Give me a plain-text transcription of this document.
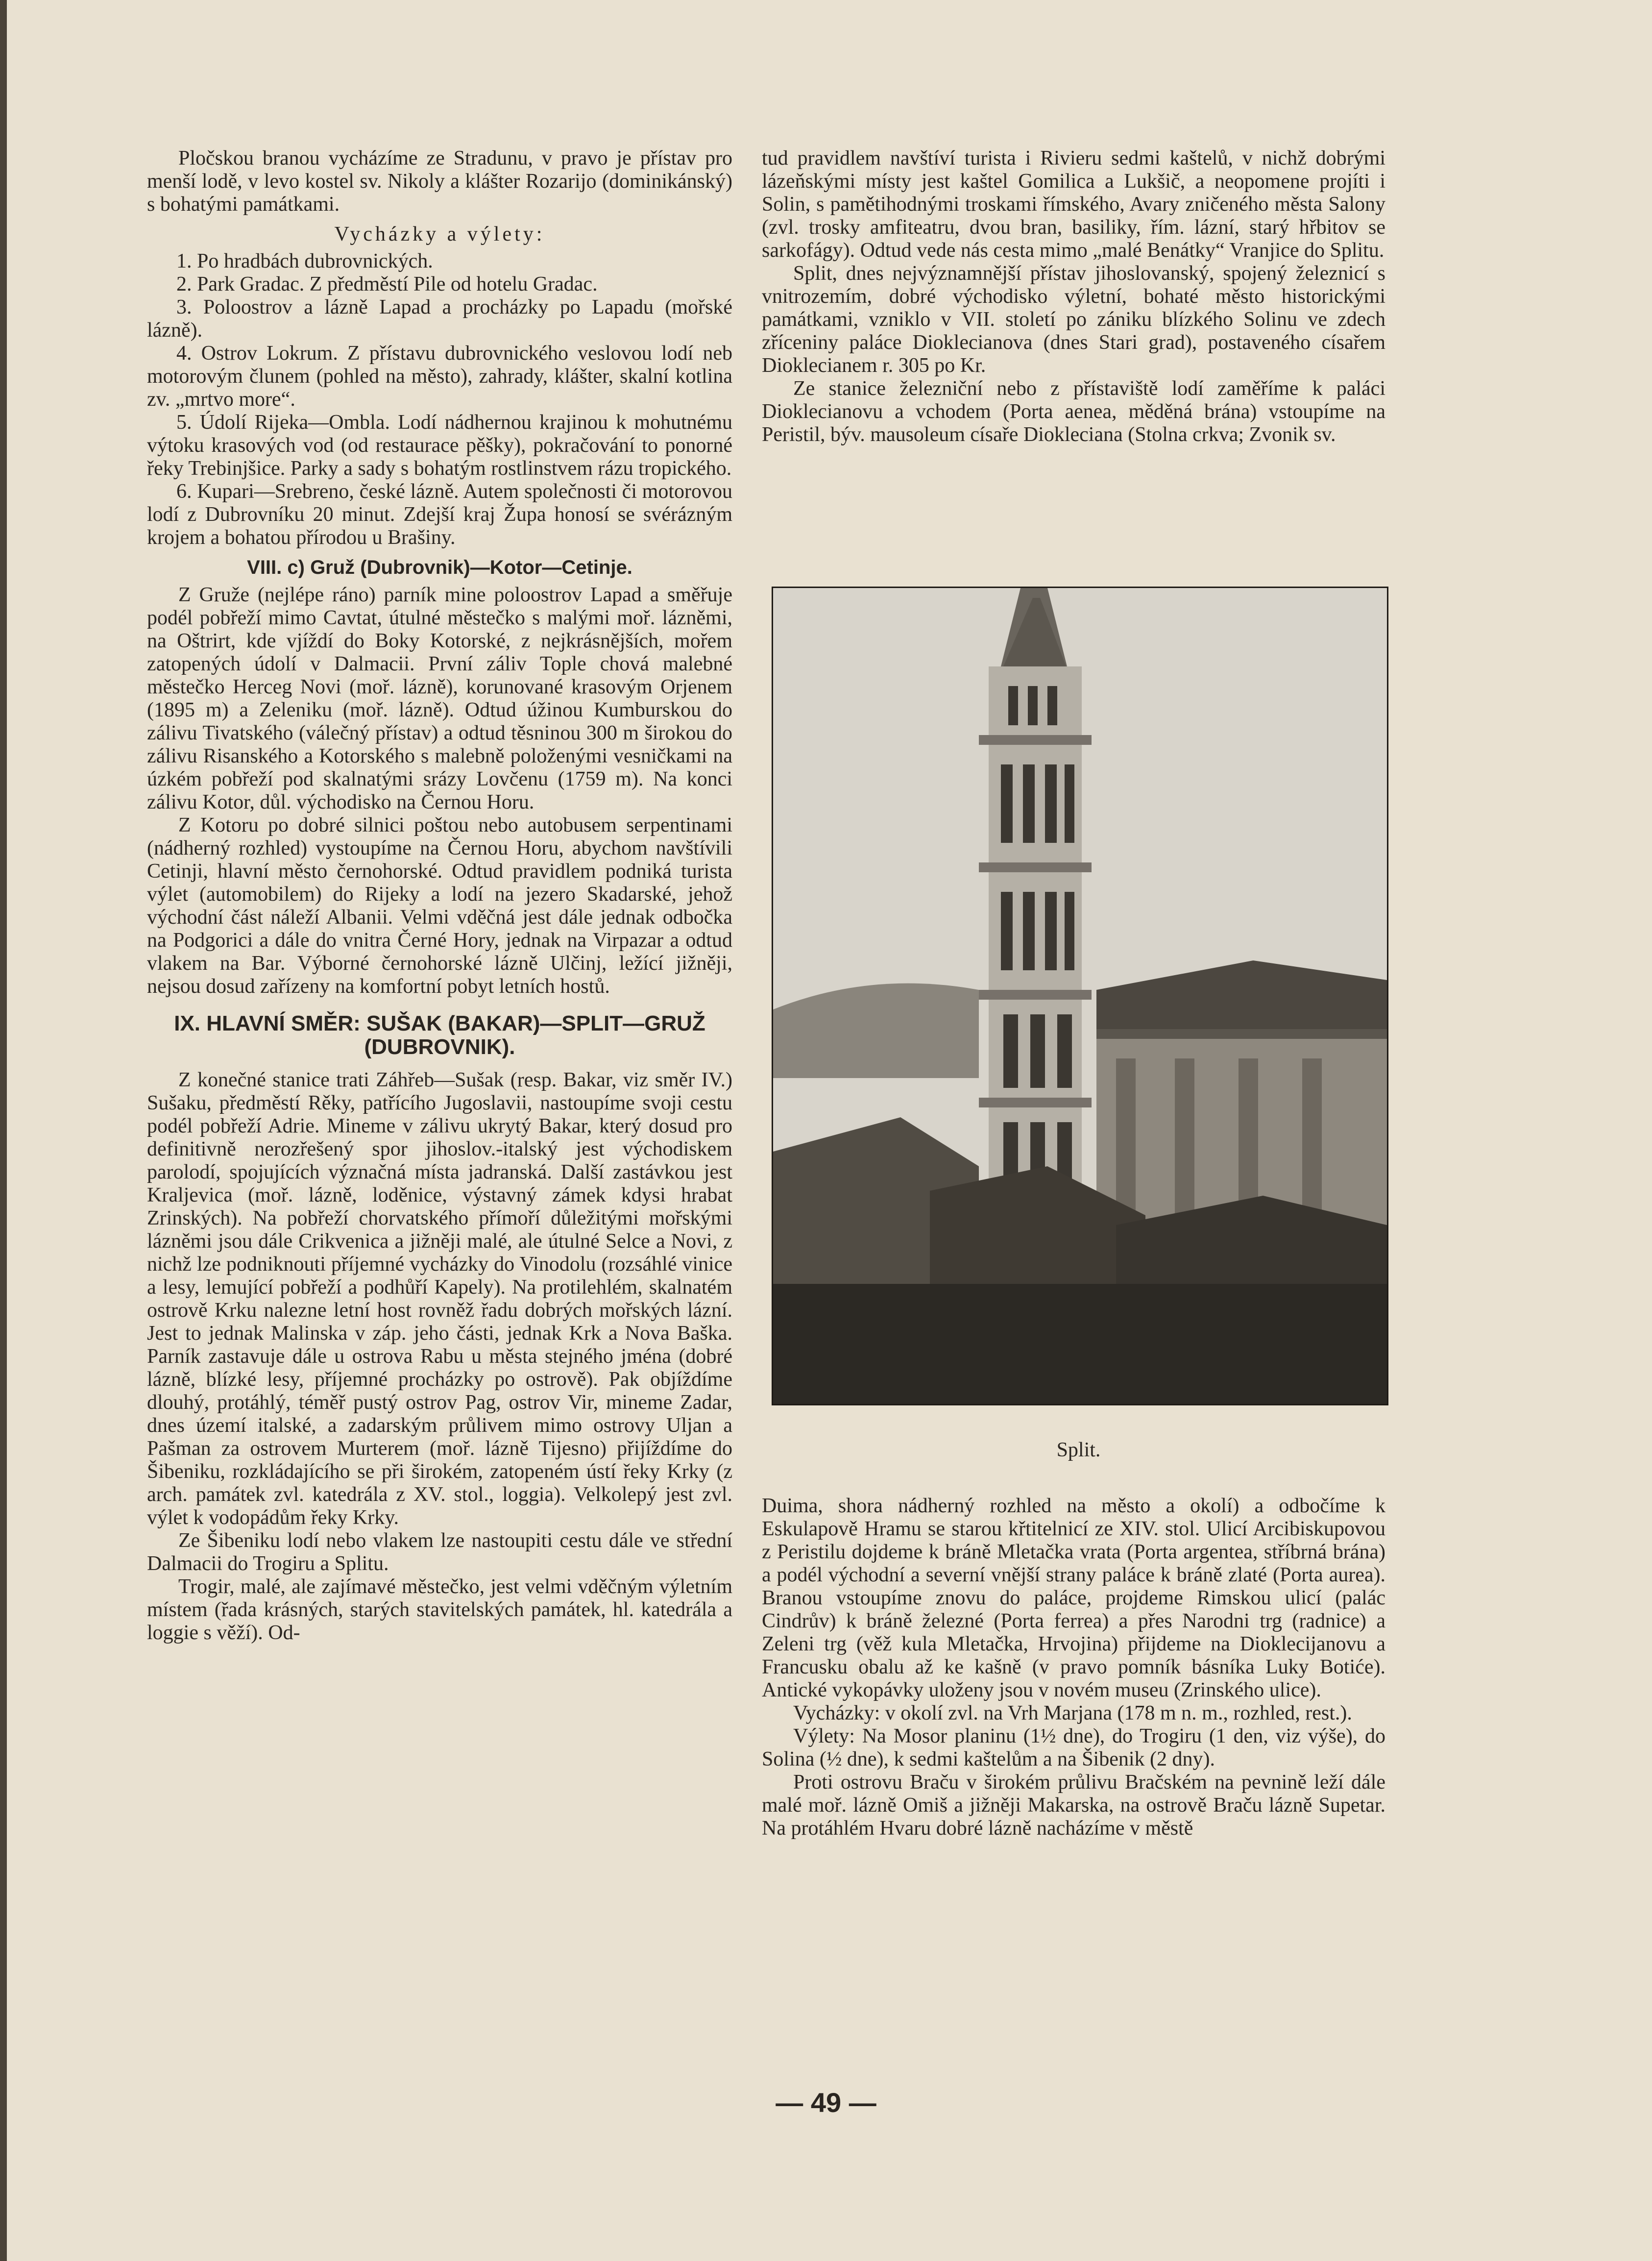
Pločskou branou vycházíme ze Stradunu, v pravo je přístav pro menší lodě, v levo kostel sv. Nikoly a klášter Rozarijo (dominikánský) s bohatými památkami.

Vycházky a výlety:

1. Po hradbách dubrovnických.

2. Park Gradac. Z předměstí Pile od hotelu Gradac.

3. Poloostrov a lázně Lapad a procházky po Lapadu (mořské lázně).

4. Ostrov Lokrum. Z přístavu dubrovnického veslovou lodí neb motorovým člunem (pohled na město), zahrady, klášter, skalní kotlina zv. „mrtvo more“.

5. Údolí Rijeka—Ombla. Lodí nádhernou krajinou k mohutnému výtoku krasových vod (od restaurace pěšky), pokračování to ponorné řeky Trebinjšice. Parky a sady s bohatým rostlinstvem rázu tropického.

6. Kupari—Srebreno, české lázně. Autem společnosti či motorovou lodí z Dubrovníku 20 minut. Zdejší kraj Župa honosí se svérázným krojem a bohatou přírodou u Brašiny.

VIII. c) Gruž (Dubrovnik)—Kotor—Cetinje.

Z Gruže (nejlépe ráno) parník mine poloostrov Lapad a směřuje podél pobřeží mimo Cavtat, útulné městečko s malými moř. lázněmi, na Oštrirt, kde vjíždí do Boky Kotorské, z nejkrásnějších, mořem zatopených údolí v Dalmacii. První záliv Tople chová malebné městečko Herceg Novi (moř. lázně), korunované krasovým Orjenem (1895 m) a Zeleniku (moř. lázně). Odtud úžinou Kumburskou do zálivu Tivatského (válečný přístav) a odtud těsninou 300 m širokou do zálivu Risanského a Kotorského s malebně položenými vesničkami na úzkém pobřeží pod skalnatými srázy Lovčenu (1759 m). Na konci zálivu Kotor, důl. východisko na Černou Horu.

Z Kotoru po dobré silnici poštou nebo autobusem serpentinami (nádherný rozhled) vystoupíme na Černou Horu, abychom navštívili Cetinji, hlavní město černohorské. Odtud pravidlem podniká turista výlet (automobilem) do Rijeky a lodí na jezero Skadarské, jehož východní část náleží Albanii. Velmi vděčná jest dále jednak odbočka na Podgorici a dále do vnitra Černé Hory, jednak na Virpazar a odtud vlakem na Bar. Výborné černohorské lázně Ulčinj, ležící jižněji, nejsou dosud zařízeny na komfortní pobyt letních hostů.

IX. HLAVNÍ SMĚR: SUŠAK (BAKAR)—SPLIT—GRUŽ (DUBROVNIK).

Z konečné stanice trati Záhřeb—Sušak (resp. Bakar, viz směr IV.) Sušaku, předměstí Rěky, patřícího Jugoslavii, nastoupíme svoji cestu podél pobřeží Adrie. Mineme v zálivu ukrytý Bakar, který dosud pro definitivně nerozřešený spor jihoslov.-italský jest východiskem parolodí, spojujících význačná místa jadranská. Další zastávkou jest Kraljevica (moř. lázně, loděnice, výstavný zámek kdysi hrabat Zrinských). Na pobřeží chorvatského přímoří důležitými mořskými lázněmi jsou dále Crikvenica a jižněji malé, ale útulné Selce a Novi, z nichž lze podniknouti příjemné vycházky do Vinodolu (rozsáhlé vinice a lesy, lemující pobřeží a podhůří Kapely). Na protilehlém, skalnatém ostrově Krku nalezne letní host rovněž řadu dobrých mořských lázní. Jest to jednak Malinska v záp. jeho části, jednak Krk a Nova Baška. Parník zastavuje dále u ostrova Rabu u města stejného jména (dobré lázně, blízké lesy, příjemné procházky po ostrově). Pak objíždíme dlouhý, protáhlý, téměř pustý ostrov Pag, ostrov Vir, mineme Zadar, dnes území italské, a zadarským průlivem mimo ostrovy Uljan a Pašman za ostrovem Murterem (moř. lázně Tijesno) přijíždíme do Šibeniku, rozkládajícího se při širokém, zatopeném ústí řeky Krky (z arch. památek zvl. katedrála z XV. stol., loggia). Velkolepý jest zvl. výlet k vodopádům řeky Krky.

Ze Šibeniku lodí nebo vlakem lze nastoupiti cestu dále ve střední Dalmacii do Trogiru a Splitu.

Trogir, malé, ale zajímavé městečko, jest velmi vděčným výletním místem (řada krásných, starých stavitelských památek, hl. katedrála a loggie s věží). Od-

tud pravidlem navštíví turista i Rivieru sedmi kaštelů, v nichž dobrými lázeňskými místy jest kaštel Gomilica a Lukšič, a neopomene projíti i Solin, s pamětihodnými troskami římského, Avary zničeného města Salony (zvl. trosky amfiteatru, dvou bran, basiliky, řím. lázní, starý hřbitov se sarkofágy). Odtud vede nás cesta mimo „malé Benátky“ Vranjice do Splitu.

Split, dnes nejvýznamnější přístav jihoslovanský, spojený železnicí s vnitrozemím, dobré východisko výletní, bohaté město historickými památkami, vzniklo v VII. století po zániku blízkého Solinu ve zdech zříceniny paláce Dioklecianova (dnes Stari grad), postaveného císařem Dioklecianem r. 305 po Kr.

Ze stanice železniční nebo z přístaviště lodí zaměříme k paláci Dioklecianovu a vchodem (Porta aenea, měděná brána) vstoupíme na Peristil, býv. mausoleum císaře Diokleciana (Stolna crkva; Zvonik sv.

Split.

Duima, shora nádherný rozhled na město a okolí) a odbočíme k Eskulapově Hramu se starou křtitelnicí ze XIV. stol. Ulicí Arcibiskupovou z Peristilu dojdeme k bráně Mletačka vrata (Porta argentea, stříbrná brána) a podél východní a severní vnější strany paláce k bráně zlaté (Porta aurea). Branou vstoupíme znovu do paláce, projdeme Rimskou ulicí (palác Cindrův) k bráně železné (Porta ferrea) a přes Narodni trg (radnice) a Zeleni trg (věž kula Mletačka, Hrvojina) přijdeme na Dioklecijanovu a Francusku obalu až ke kašně (v pravo pomník básníka Luky Botiće). Antické vykopávky uloženy jsou v novém museu (Zrinského ulice).

Vycházky: v okolí zvl. na Vrh Marjana (178 m n. m., rozhled, rest.).

Výlety: Na Mosor planinu (1½ dne), do Trogiru (1 den, viz výše), do Solina (½ dne), k sedmi kaštelům a na Šibenik (2 dny).

Proti ostrovu Braču v širokém průlivu Bračském na pevnině leží dále malé moř. lázně Omiš a jižněji Makarska, na ostrově Braču lázně Supetar. Na protáhlém Hvaru dobré lázně nacházíme v městě

— 49 —
